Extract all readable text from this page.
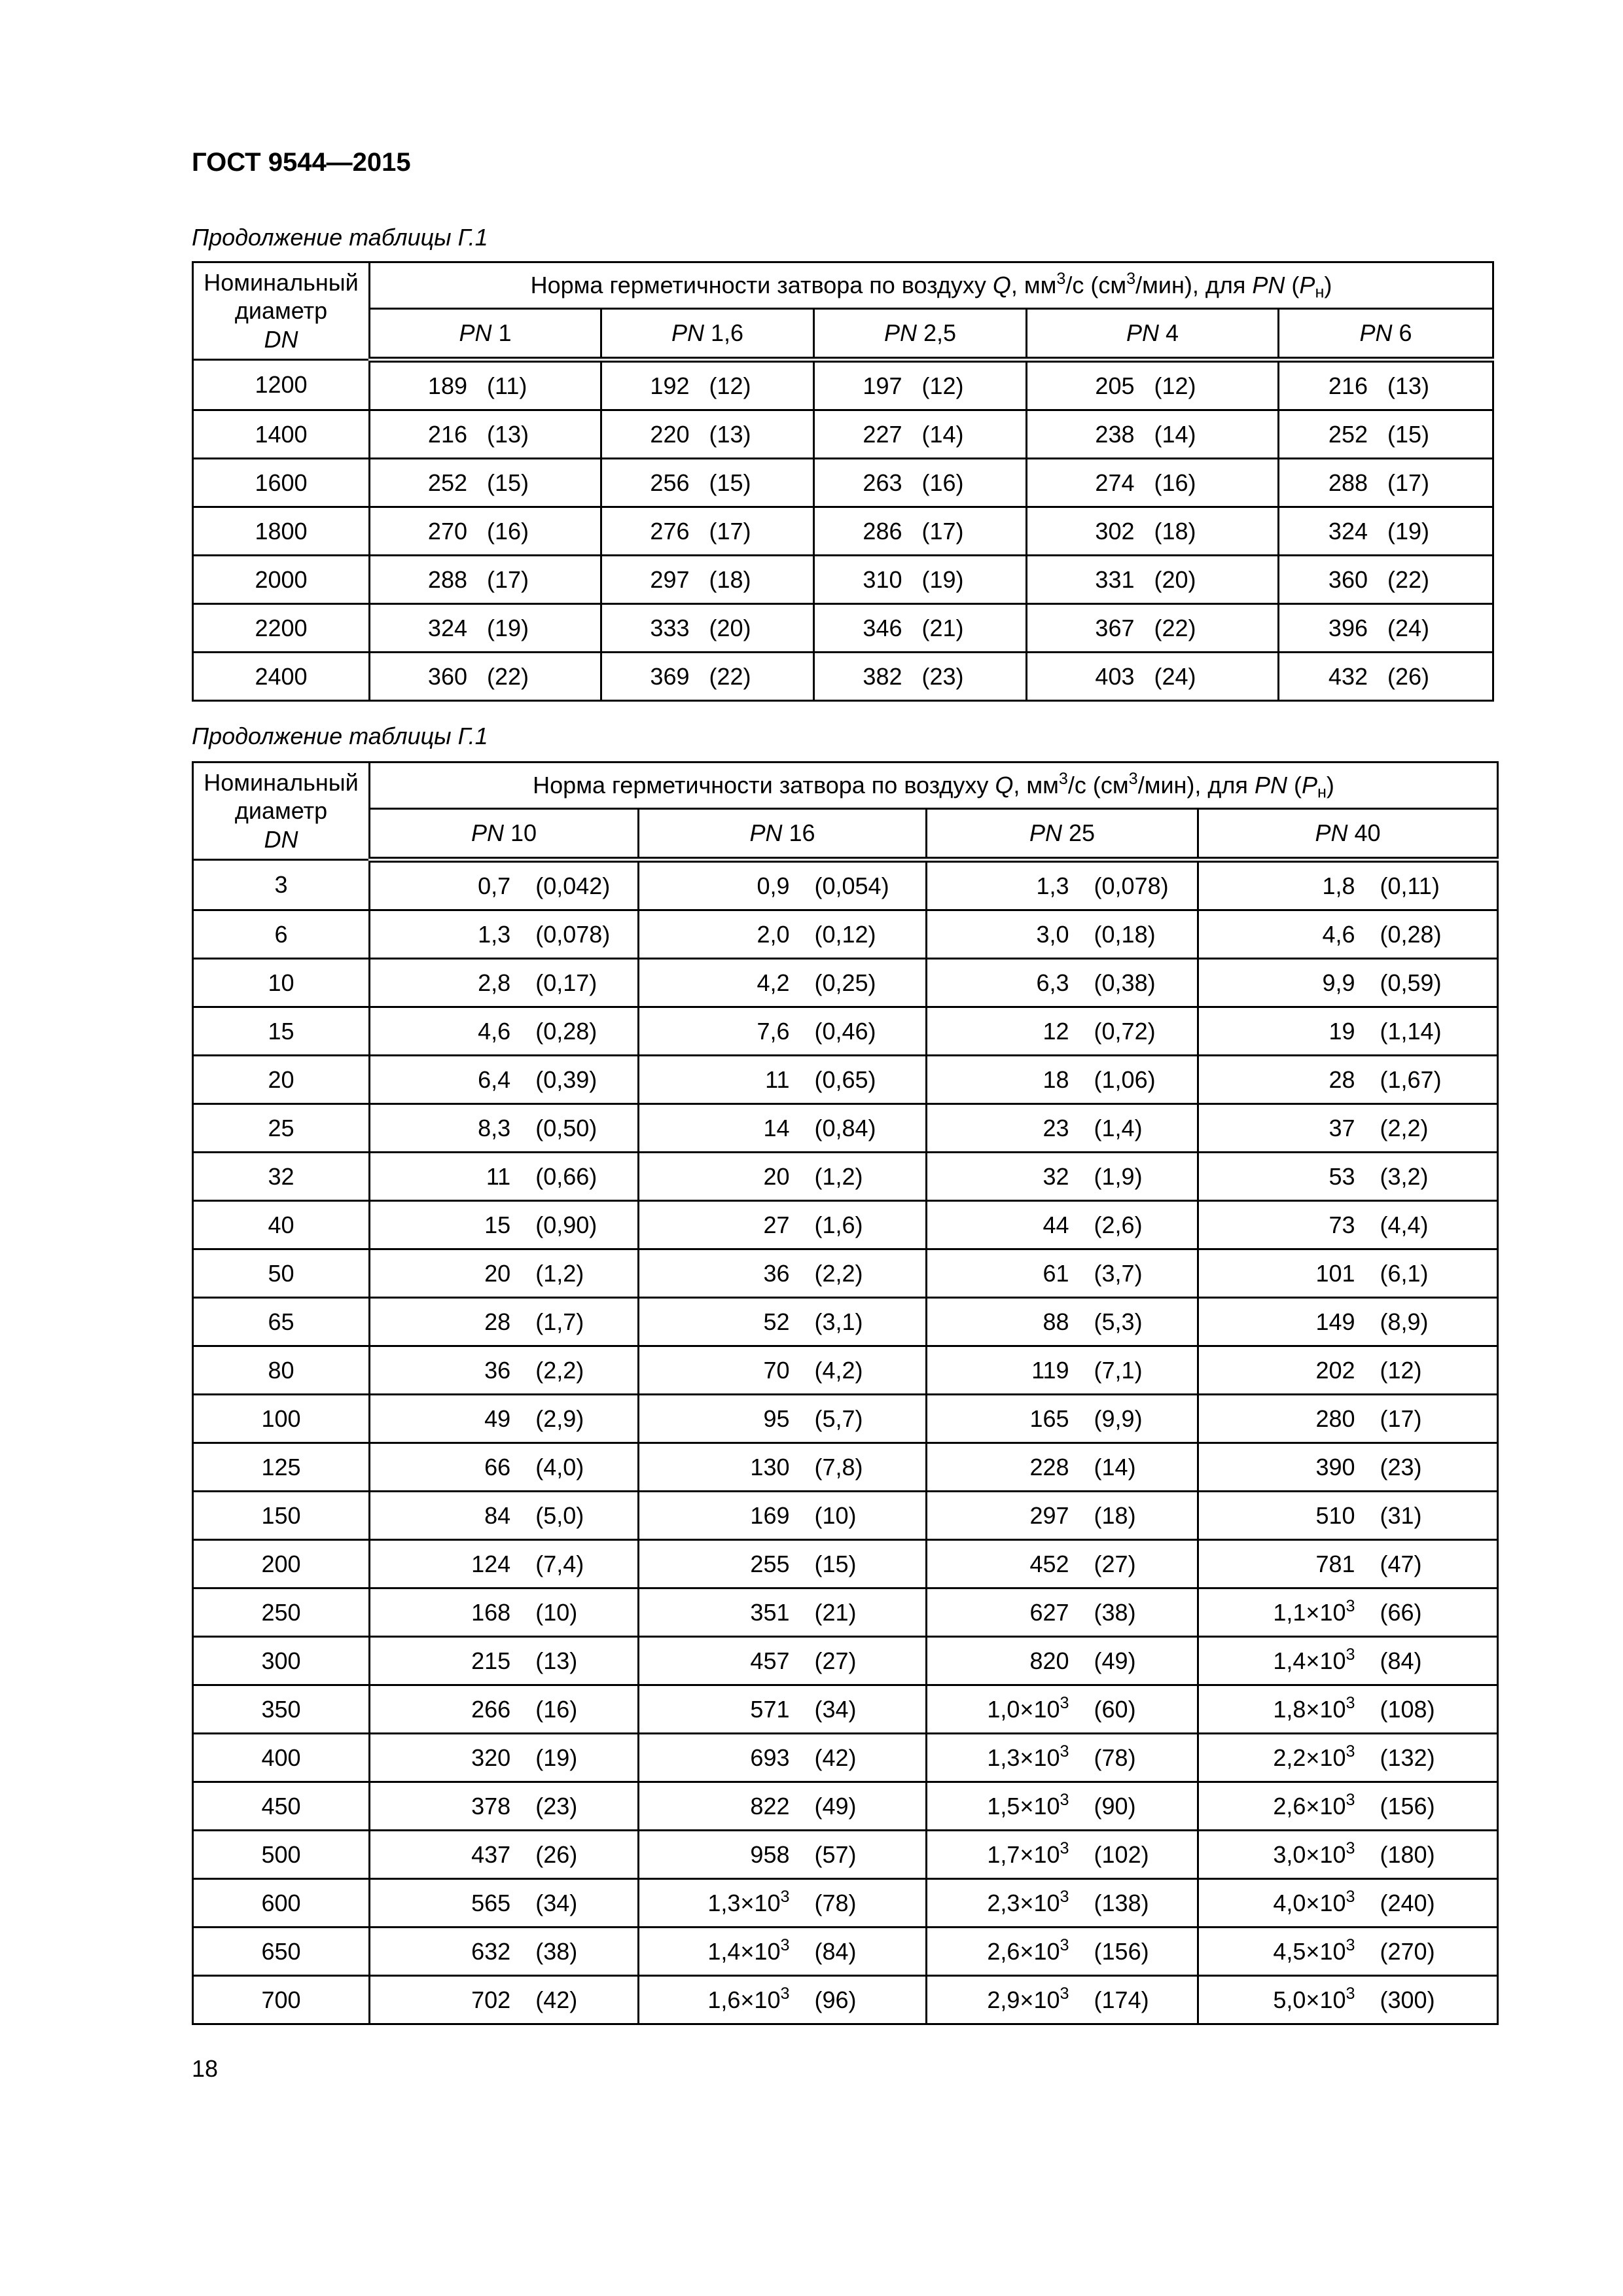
ГОСТ 9544—2015

Продолжение таблицы Г.1

Номинальный
диаметр
DN	Норма герметичности затвора по воздуху Q, $мм^3/с$ $(см^3/мин)$, для PN $(P_н)$				
	PN 1	PN 1,6	PN 2,5	PN 4	PN 6
1200	189 (11)	192 (12)	197 (12)	205 (12)	216 (13)

1400	216 (13)	220 (13)	227 (14)	238 (14)	252 (15)

1600	252 (15)	256 (15)	263 (16)	274 (16)	288 (17)

1800	270 (16)	276 (17)	286 (17)	302 (18)	324 (19)

2000	288 (17)	297 (18)	310 (19)	331 (20)	360 (22)

2200	324 (19)	333 (20)	346 (21)	367 (22)	396 (24)

2400	360 (22)	369 (22)	382 (23)	403 (24)	432 (26)

Продолжение таблицы Г.1

Номинальный
диаметр
DN	Норма герметичности затвора по воздуху Q, $мм^3/с$ $(см^3/мин)$, для PN $(P_н)$			
	PN 10	PN 16	PN 25	PN 40
3	0,7 (0,042)	0,9 (0,054)	1,3 (0,078)	1,8 (0,11)

6	1,3 (0,078)	2,0 (0,12)	3,0 (0,18)	4,6 (0,28)

10	2,8 (0,17)	4,2 (0,25)	6,3 (0,38)	9,9 (0,59)

15	4,6 (0,28)	7,6 (0,46)	12 (0,72)	19 (1,14)

20	6,4 (0,39)	11 (0,65)	18 (1,06)	28 (1,67)

25	8,3 (0,50)	14 (0,84)	23 (1,4)	37 (2,2)

32	11 (0,66)	20 (1,2)	32 (1,9)	53 (3,2)

40	15 (0,90)	27 (1,6)	44 (2,6)	73 (4,4)

50	20 (1,2)	36 (2,2)	61 (3,7)	101 (6,1)

65	28 (1,7)	52 (3,1)	88 (5,3)	149 (8,9)

80	36 (2,2)	70 (4,2)	119 (7,1)	202 (12)

100	49 (2,9)	95 (5,7)	165 (9,9)	280 (17)

125	66 (4,0)	130 (7,8)	228 (14)	390 (23)

150	84 (5,0)	169 (10)	297 (18)	510 (31)

200	124 (7,4)	255 (15)	452 (27)	781 (47)

250	168 (10)	351 (21)	627 (38)	$1,1\times 10^3$ (66)

300	215 (13)	457 (27)	820 (49)	$1,4\times 10^3$ (84)

350	266 (16)	571 (34)	$1,0\times 10^3$ (60)	$1,8\times 10^3$ (108)

400	320 (19)	693 (42)	$1,3\times 10^3$ (78)	$2,2\times 10^3$ (132)

450	378 (23)	822 (49)	$1,5\times 10^3$ (90)	$2,6\times 10^3$ (156)

500	437 (26)	958 (57)	$1,7\times 10^3$ (102)	$3,0\times 10^3$ (180)

600	565 (34)	$1,3\times 10^3$ (78)	$2,3\times 10^3$ (138)	$4,0\times 10^3$ (240)

650	632 (38)	$1,4\times 10^3$ (84)	$2,6\times 10^3$ (156)	$4,5\times 10^3$ (270)

700	702 (42)	$1,6\times 10^3$ (96)	$2,9\times 10^3$ (174)	$5,0\times 10^3$ (300)
18
